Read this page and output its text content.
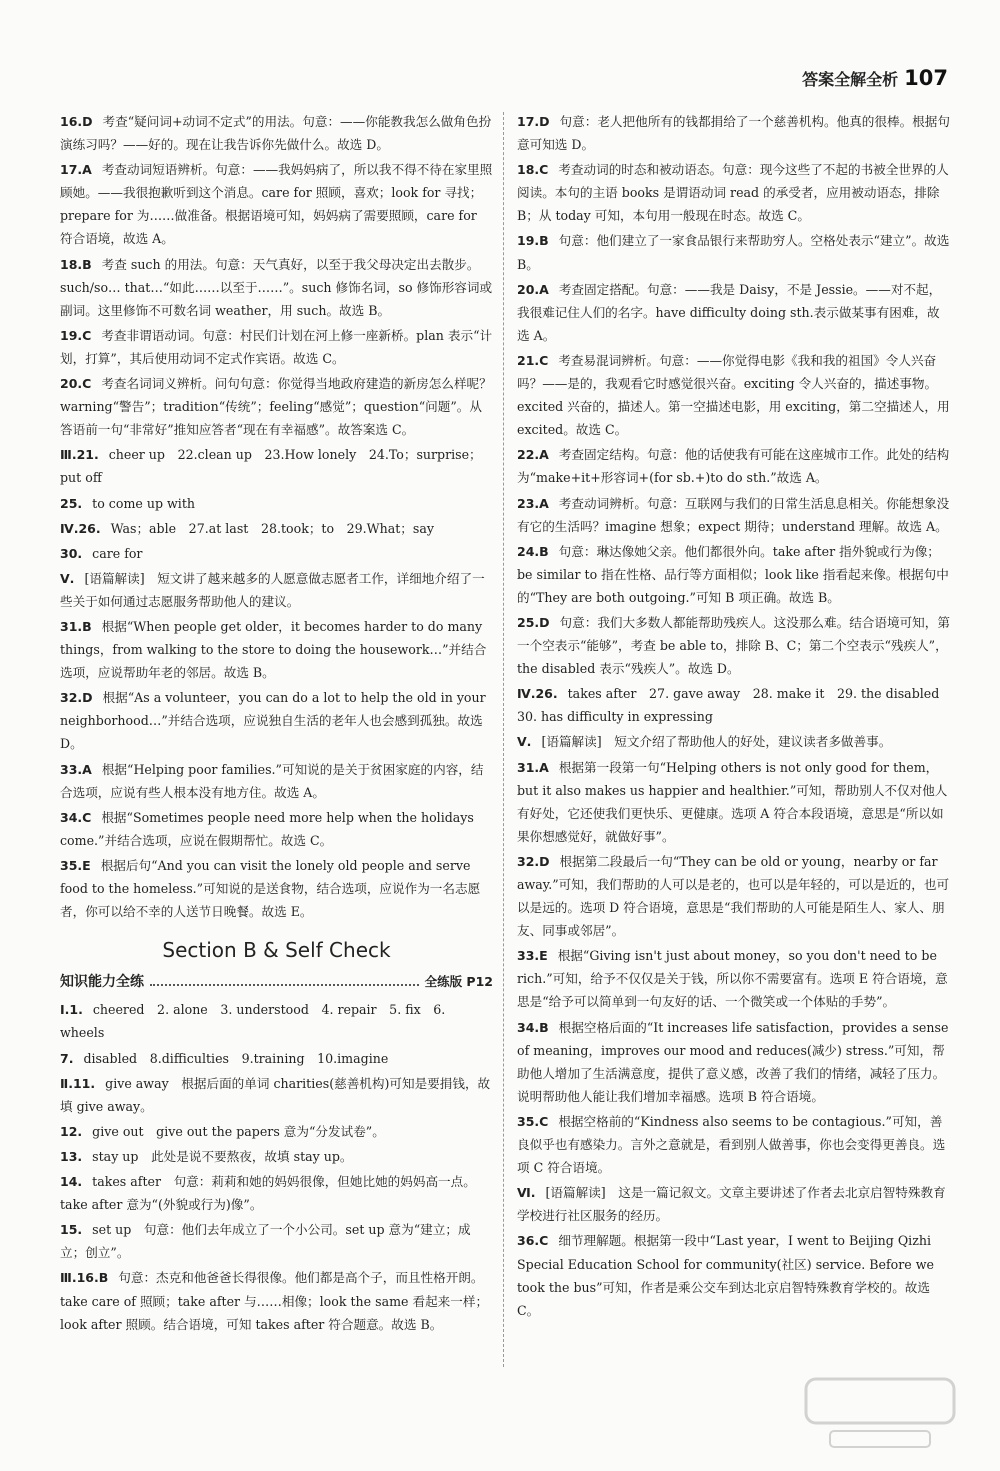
答案全解全析 107
16.D 考查“疑问词+动词不定式”的用法。句意：——你能教我怎么做角色扮演练习吗？——好的。现在让我告诉你先做什么。故选 D。
17.A 考查动词短语辨析。句意：——我妈妈病了，所以我不得不待在家里照顾她。——我很抱歉听到这个消息。care for 照顾，喜欢；look for 寻找；prepare for 为……做准备。根据语境可知，妈妈病了需要照顾，care for 符合语境，故选 A。
18.B 考查 such 的用法。句意：天气真好，以至于我父母决定出去散步。such/so… that…“如此……以至于……”。such 修饰名词，so 修饰形容词或副词。这里修饰不可数名词 weather，用 such。故选 B。
19.C 考查非谓语动词。句意：村民们计划在河上修一座新桥。plan 表示“计划，打算”，其后使用动词不定式作宾语。故选 C。
20.C 考查名词词义辨析。问句句意：你觉得当地政府建造的新房怎么样呢？warning“警告”；tradition“传统”；feeling“感觉”；question“问题”。从答语前一句“非常好”推知应答者“现在有幸福感”。故答案选 C。
Ⅲ.21. cheer up　22.clean up　23.How lonely　24.To；surprise；put off
25. to come up with
Ⅳ.26. Was；able　27.at last　28.took；to　29.What；say
30. care for
Ⅴ. [语篇解读]　短文讲了越来越多的人愿意做志愿者工作，详细地介绍了一些关于如何通过志愿服务帮助他人的建议。
31.B 根据“When people get older，it becomes harder to do many things，from walking to the store to doing the housework…”并结合选项，应说帮助年老的邻居。故选 B。
32.D 根据“As a volunteer，you can do a lot to help the old in your neighborhood…”并结合选项，应说独自生活的老年人也会感到孤独。故选 D。
33.A 根据“Helping poor families.”可知说的是关于贫困家庭的内容，结合选项，应说有些人根本没有地方住。故选 A。
34.C 根据“Sometimes people need more help when the holidays come.”并结合选项，应说在假期帮忙。故选 C。
35.E 根据后句“And you can visit the lonely old people and serve food to the homeless.”可知说的是送食物，结合选项，应说作为一名志愿者，你可以给不幸的人送节日晚餐。故选 E。
Section B & Self Check
知识能力全练	全练版 P12
Ⅰ.1. cheered　2. alone　3. understood　4. repair　5. fix　6. wheels
7. disabled　8.difficulties　9.training　10.imagine
Ⅱ.11. give away　根据后面的单词 charities(慈善机构)可知是要捐钱，故填 give away。
12. give out　give out the papers 意为“分发试卷”。
13. stay up　此处是说不要熬夜，故填 stay up。
14. takes after　句意：莉莉和她的妈妈很像，但她比她的妈妈高一点。take after 意为“(外貌或行为)像”。
15. set up　句意：他们去年成立了一个小公司。set up 意为“建立；成立；创立”。
Ⅲ.16.B 句意：杰克和他爸爸长得很像。他们都是高个子，而且性格开朗。take care of 照顾；take after 与……相像；look the same 看起来一样；look after 照顾。结合语境，可知 takes after 符合题意。故选 B。
17.D 句意：老人把他所有的钱都捐给了一个慈善机构。他真的很棒。根据句意可知选 D。
18.C 考查动词的时态和被动语态。句意：现今这些了不起的书被全世界的人阅读。本句的主语 books 是谓语动词 read 的承受者，应用被动语态，排除 B；从 today 可知，本句用一般现在时态。故选 C。
19.B 句意：他们建立了一家食品银行来帮助穷人。空格处表示“建立”。故选 B。
20.A 考查固定搭配。句意：——我是 Daisy，不是 Jessie。——对不起，我很难记住人们的名字。have difficulty doing sth.表示做某事有困难，故选 A。
21.C 考查易混词辨析。句意：——你觉得电影《我和我的祖国》令人兴奋吗？——是的，我观看它时感觉很兴奋。exciting 令人兴奋的，描述事物。excited 兴奋的，描述人。第一空描述电影，用 exciting，第二空描述人，用 excited。故选 C。
22.A 考查固定结构。句意：他的话使我有可能在这座城市工作。此处的结构为“make+it+形容词+(for sb.+)to do sth.”故选 A。
23.A 考查动词辨析。句意：互联网与我们的日常生活息息相关。你能想象没有它的生活吗？imagine 想象；expect 期待；understand 理解。故选 A。
24.B 句意：琳达像她父亲。他们都很外向。take after 指外貌或行为像；be similar to 指在性格、品行等方面相似；look like 指看起来像。根据句中的“They are both outgoing.”可知 B 项正确。故选 B。
25.D 句意：我们大多数人都能帮助残疾人。这没那么难。结合语境可知，第一个空表示“能够”，考查 be able to，排除 B、C；第二个空表示“残疾人”，the disabled 表示“残疾人”。故选 D。
Ⅳ.26. takes after　27. gave away　28. make it　29. the disabled　30. has difficulty in expressing
Ⅴ. [语篇解读]　短文介绍了帮助他人的好处，建议读者多做善事。
31.A 根据第一段第一句“Helping others is not only good for them，but it also makes us happier and healthier.”可知，帮助别人不仅对他人有好处，它还使我们更快乐、更健康。选项 A 符合本段语境，意思是“所以如果你想感觉好，就做好事”。
32.D 根据第二段最后一句“They can be old or young，nearby or far away.”可知，我们帮助的人可以是老的，也可以是年轻的，可以是近的，也可以是远的。选项 D 符合语境，意思是“我们帮助的人可能是陌生人、家人、朋友、同事或邻居”。
33.E 根据“Giving isn't just about money，so you don't need to be rich.”可知，给予不仅仅是关于钱，所以你不需要富有。选项 E 符合语境，意思是“给予可以简单到一句友好的话、一个微笑或一个体贴的手势”。
34.B 根据空格后面的“It increases life satisfaction，provides a sense of meaning，improves our mood and reduces(减少) stress.”可知，帮助他人增加了生活满意度，提供了意义感，改善了我们的情绪，减轻了压力。说明帮助他人能让我们增加幸福感。选项 B 符合语境。
35.C 根据空格前的“Kindness also seems to be contagious.”可知，善良似乎也有感染力。言外之意就是，看到别人做善事，你也会变得更善良。选项 C 符合语境。
Ⅵ. [语篇解读]　这是一篇记叙文。文章主要讲述了作者去北京启智特殊教育学校进行社区服务的经历。
36.C 细节理解题。根据第一段中“Last year，I went to Beijing Qizhi Special Education School for community(社区) service. Before we took the bus”可知，作者是乘公交车到达北京启智特殊教育学校的。故选 C。
